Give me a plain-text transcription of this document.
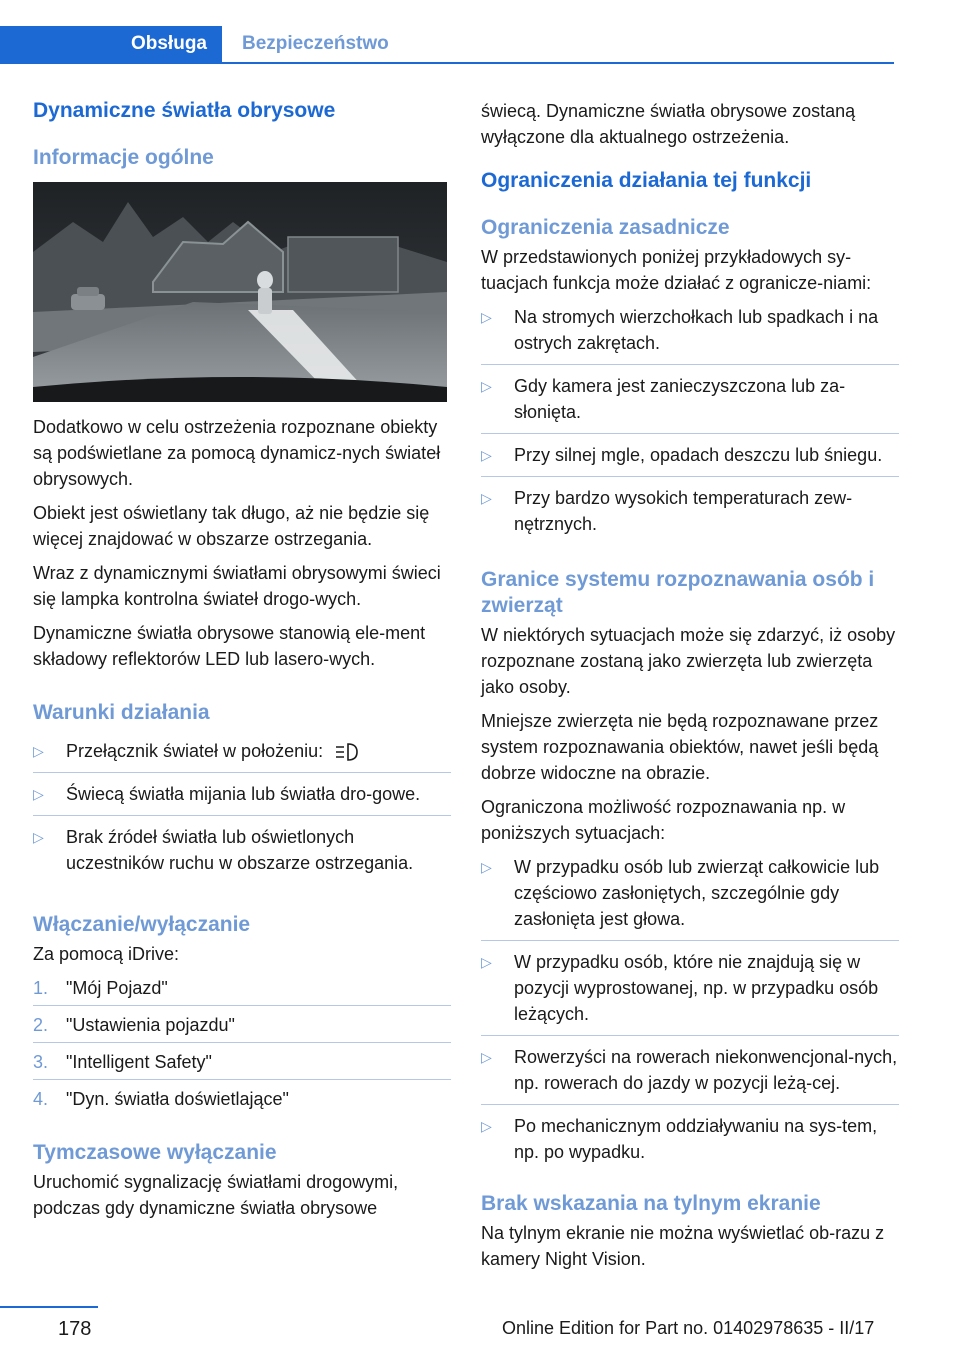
Obsługa	Bezpieczeństwo
Dynamiczne światła obrysowe
Informacje ogólne

Dodatkowo w celu ostrzeżenia rozpoznane obiekty są podświetlane za pomocą dynamicz‐nych świateł obrysowych.

Obiekt jest oświetlany tak długo, aż nie będzie się więcej znajdować w obszarze ostrzegania.

Wraz z dynamicznymi światłami obrysowymi świeci się lampka kontrolna świateł drogo‐wych.

Dynamiczne światła obrysowe stanowią ele‐ment składowy reflektorów LED lub lasero‐wych.

Warunki działania
▷ Przełącznik świateł w położeniu:
▷ Świecą światła mijania lub światła dro‐gowe.
▷ Brak źródeł światła lub oświetlonych uczestników ruchu w obszarze ostrzegania.
Włączanie/wyłączanie

Za pomocą iDrive:

1. "Mój Pojazd"
2. "Ustawienia pojazdu"
3. "Intelligent Safety"
4. "Dyn. światła doświetlające"
Tymczasowe wyłączanie

Uruchomić sygnalizację światłami drogowymi, podczas gdy dynamiczne światła obrysowe

świecą. Dynamiczne światła obrysowe zostaną wyłączone dla aktualnego ostrzeżenia.

Ograniczenia działania tej funkcji
Ograniczenia zasadnicze

W przedstawionych poniżej przykładowych sy‐tuacjach funkcja może działać z ogranicze‐niami:

▷ Na stromych wierzchołkach lub spadkach i na ostrych zakrętach.
▷ Gdy kamera jest zanieczyszczona lub za‐słonięta.
▷ Przy silnej mgle, opadach deszczu lub śniegu.
▷ Przy bardzo wysokich temperaturach zew‐nętrznych.
Granice systemu rozpoznawania osób i zwierząt

W niektórych sytuacjach może się zdarzyć, iż osoby rozpoznane zostaną jako zwierzęta lub zwierzęta jako osoby.

Mniejsze zwierzęta nie będą rozpoznawane przez system rozpoznawania obiektów, nawet jeśli będą dobrze widoczne na obrazie.

Ograniczona możliwość rozpoznawania np. w poniższych sytuacjach:

▷ W przypadku osób lub zwierząt całkowicie lub częściowo zasłoniętych, szczególnie gdy zasłonięta jest głowa.
▷ W przypadku osób, które nie znajdują się w pozycji wyprostowanej, np. w przypadku osób leżących.
▷ Rowerzyści na rowerach niekonwencjonal‐nych, np. rowerach do jazdy w pozycji leżą‐cej.
▷ Po mechanicznym oddziaływaniu na sys‐tem, np. po wypadku.
Brak wskazania na tylnym ekranie

Na tylnym ekranie nie można wyświetlać ob‐razu z kamery Night Vision.

178	Online Edition for Part no. 01402978635 - II/17
